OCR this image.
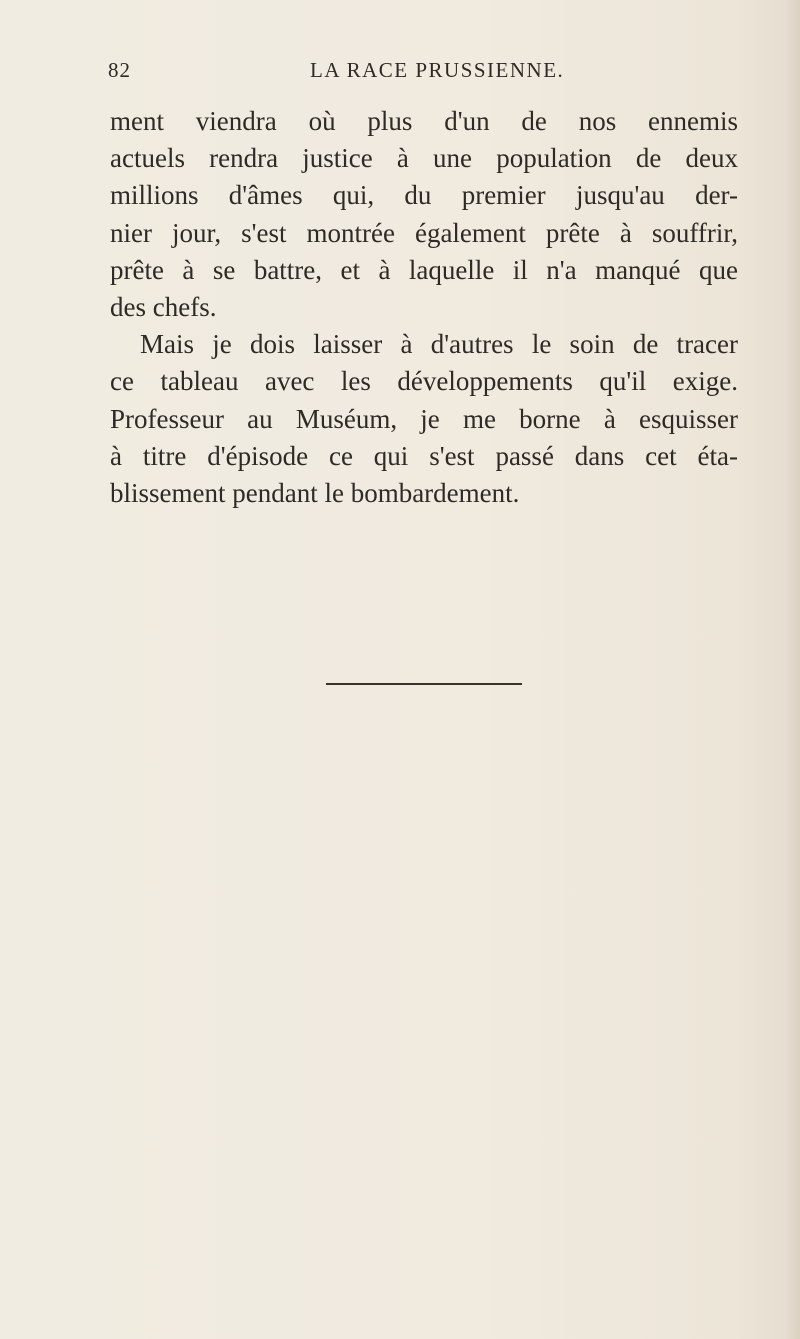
82	LA RACE PRUSSIENNE.
ment viendra où plus d'un de nos ennemis
actuels rendra justice à une population de deux
millions d'âmes qui, du premier jusqu'au der-
nier jour, s'est montrée également prête à souffrir,
prête à se battre, et à laquelle il n'a manqué que
des chefs.
Mais je dois laisser à d'autres le soin de tracer
ce tableau avec les développements qu'il exige.
Professeur au Muséum, je me borne à esquisser
à titre d'épisode ce qui s'est passé dans cet éta-
blissement pendant le bombardement.
